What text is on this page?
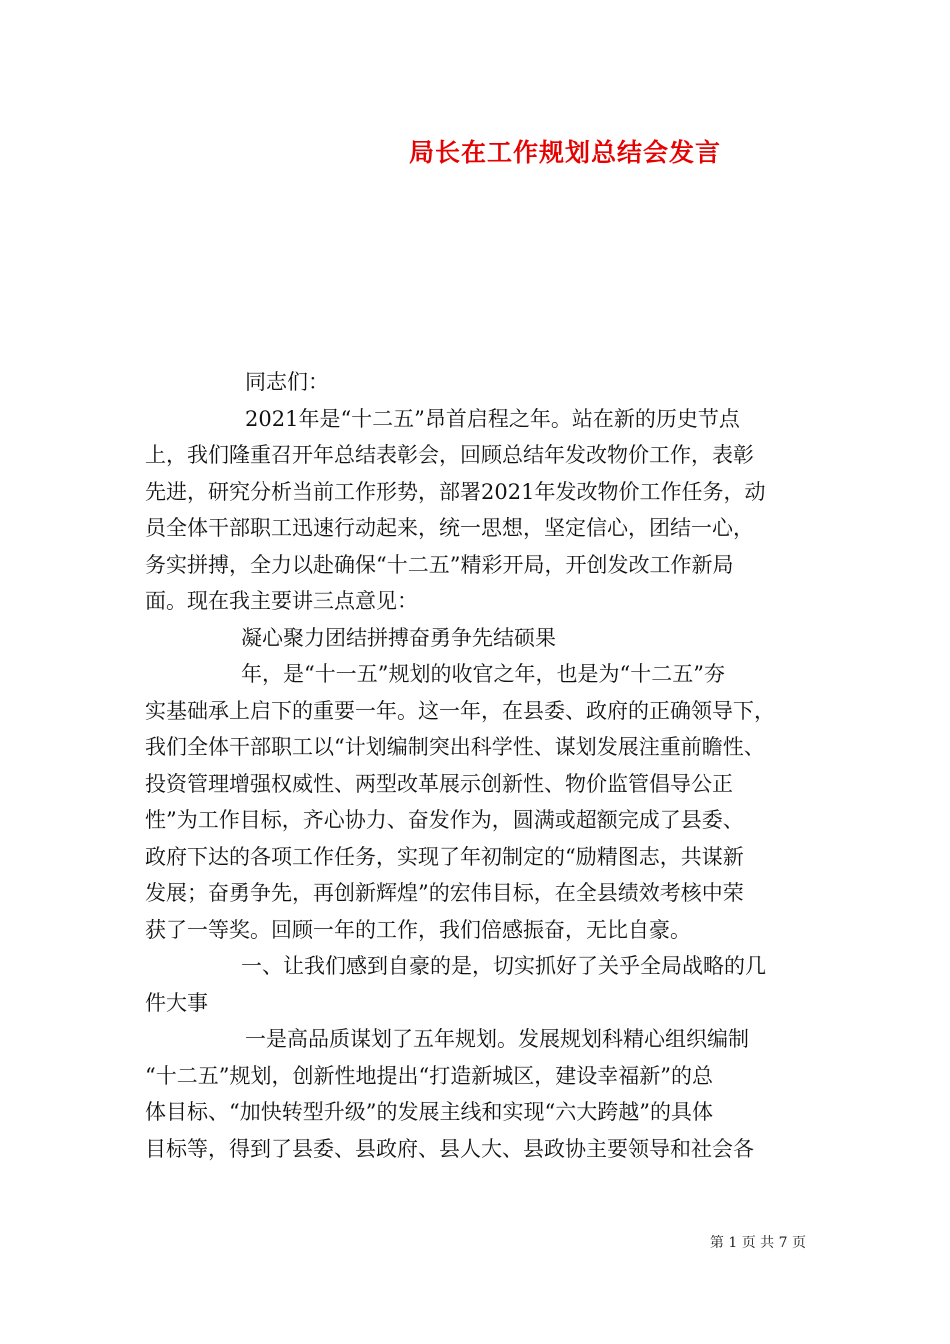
局长在工作规划总结会发言
同志们：
2021年是“十二五”昂首启程之年。站在新的历史节点
上，我们隆重召开年总结表彰会，回顾总结年发改物价工作，表彰
先进，研究分析当前工作形势，部署2021年发改物价工作任务，动
员全体干部职工迅速行动起来，统一思想，坚定信心，团结一心，
务实拼搏，全力以赴确保“十二五”精彩开局，开创发改工作新局
面。现在我主要讲三点意见：
凝心聚力团结拼搏奋勇争先结硕果
年，是“十一五”规划的收官之年，也是为“十二五”夯
实基础承上启下的重要一年。这一年，在县委、政府的正确领导下，
我们全体干部职工以“计划编制突出科学性、谋划发展注重前瞻性、
投资管理增强权威性、两型改革展示创新性、物价监管倡导公正
性”为工作目标，齐心协力、奋发作为，圆满或超额完成了县委、
政府下达的各项工作任务，实现了年初制定的“励精图志，共谋新
发展；奋勇争先，再创新辉煌”的宏伟目标，在全县绩效考核中荣
获了一等奖。回顾一年的工作，我们倍感振奋，无比自豪。
一、让我们感到自豪的是，切实抓好了关乎全局战略的几
件大事
一是高品质谋划了五年规划。发展规划科精心组织编制
“十二五”规划，创新性地提出“打造新城区，建设幸福新”的总
体目标、“加快转型升级”的发展主线和实现“六大跨越”的具体
目标等，得到了县委、县政府、县人大、县政协主要领导和社会各
第 1 页 共 7 页
